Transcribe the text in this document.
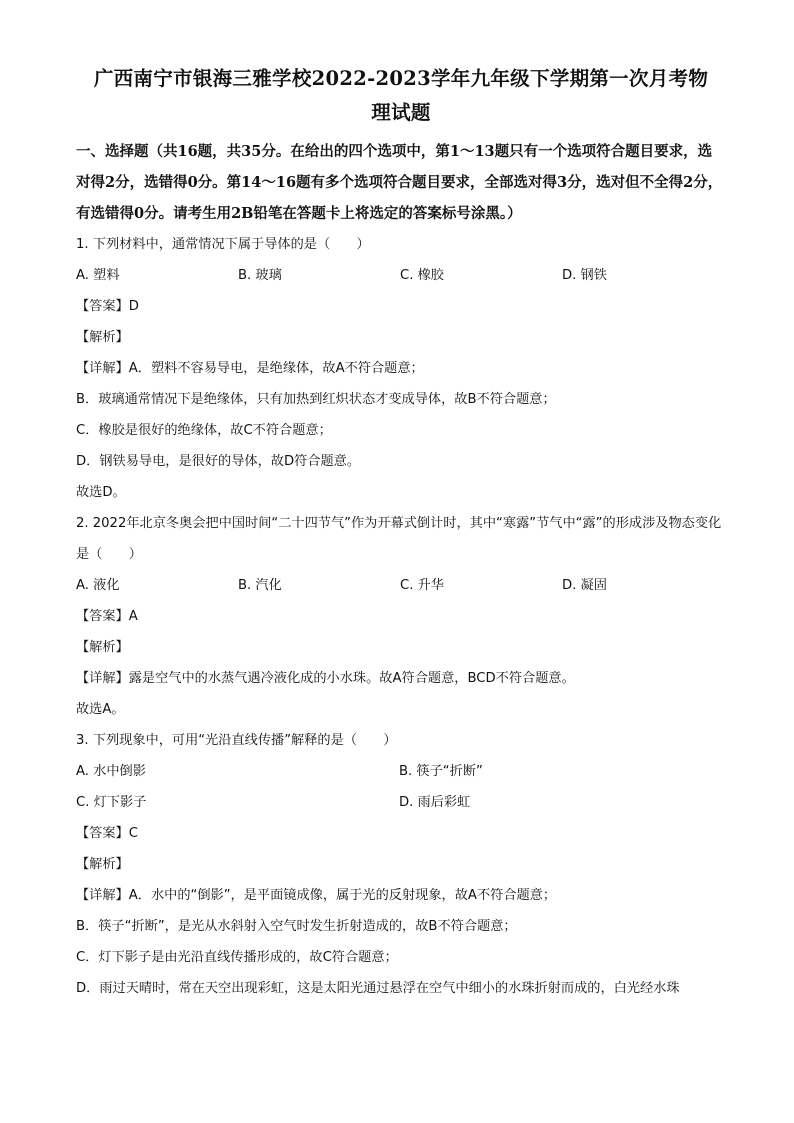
广西南宁市银海三雅学校2022-2023学年九年级下学期第一次月考物
理试题
一、选择题（共16题，共35分。在给出的四个选项中，第1～13题只有一个选项符合题目要求，选对得2分，选错得0分。第14～16题有多个选项符合题目要求，全部选对得3分，选对但不全得2分，有选错得0分。请考生用2B铅笔在答题卡上将选定的答案标号涂黑。）
1. 下列材料中，通常情况下属于导体的是（　　）
A. 塑料	B. 玻璃	C. 橡胶	D. 钢铁
【答案】D
【解析】
【详解】A．塑料不容易导电，是绝缘体，故A不符合题意；
B．玻璃通常情况下是绝缘体，只有加热到红炽状态才变成导体，故B不符合题意；
C．橡胶是很好的绝缘体，故C不符合题意；
D．钢铁易导电，是很好的导体，故D符合题意。
故选D。
2. 2022年北京冬奥会把中国时间“二十四节气”作为开幕式倒计时，其中“寒露”节气中“露”的形成涉及物态变化是（　　）
A. 液化	B. 汽化	C. 升华	D. 凝固
【答案】A
【解析】
【详解】露是空气中的水蒸气遇冷液化成的小水珠。故A符合题意，BCD不符合题意。
故选A。
3. 下列现象中，可用“光沿直线传播”解释的是（　　）
A. 水中倒影	B. 筷子“折断”
C. 灯下影子	D. 雨后彩虹
【答案】C
【解析】
【详解】A．水中的“倒影”，是平面镜成像，属于光的反射现象，故A不符合题意；
B．筷子“折断”，是光从水斜射入空气时发生折射造成的，故B不符合题意；
C．灯下影子是由光沿直线传播形成的，故C符合题意；
D．雨过天晴时，常在天空出现彩虹，这是太阳光通过悬浮在空气中细小的水珠折射而成的，白光经水珠
